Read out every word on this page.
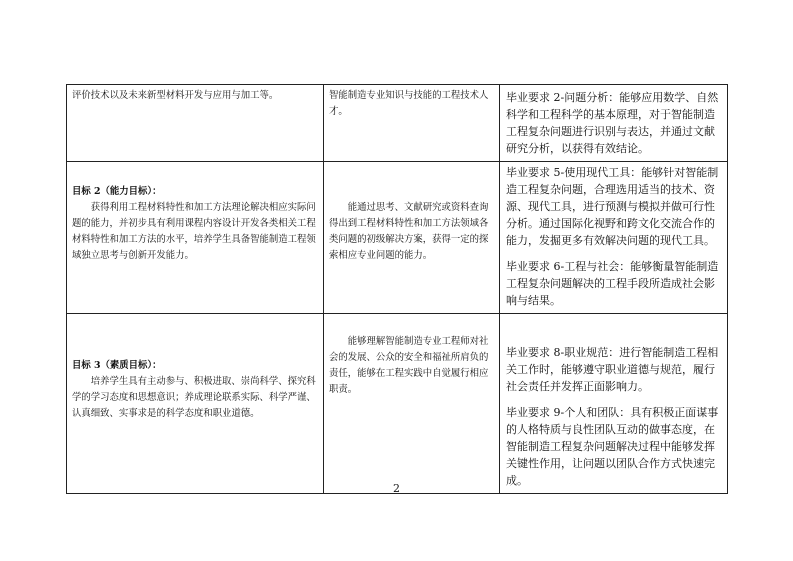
评价技术以及未来新型材料开发与应用与加工等。	智能制造专业知识与技能的工程技术人才。	毕业要求 2-问题分析：能够应用数学、自然科学和工程科学的基本原理，对于智能制造工程复杂问题进行识别与表达，并通过文献研究分析，以获得有效结论。

目标 2（能力目标）：
获得利用工程材料特性和加工方法理论解决相应实际问题的能力，并初步具有利用课程内容设计开发各类相关工程材料特性和加工方法的水平，培养学生具备智能制造工程领域独立思考与创新开发能力。	能通过思考、文献研究或资料查询得出到工程材料特性和加工方法领域各类问题的初级解决方案，获得一定的探索相应专业问题的能力。	毕业要求 5-使用现代工具：能够针对智能制造工程复杂问题，合理选用适当的技术、资源、现代工具，进行预测与模拟并做可行性分析。通过国际化视野和跨文化交流合作的能力，发掘更多有效解决问题的现代工具。
毕业要求 6-工程与社会：能够衡量智能制造工程复杂问题解决的工程手段所造成社会影响与结果。

目标 3（素质目标）：
培养学生具有主动参与、积极进取、崇尚科学、探究科学的学习态度和思想意识；养成理论联系实际、科学严谨、认真细致、实事求是的科学态度和职业道德。	能够理解智能制造专业工程师对社会的发展、公众的安全和福祉所肩负的责任，能够在工程实践中自觉履行相应职责。	毕业要求 8-职业规范：进行智能制造工程相关工作时，能够遵守职业道德与规范，履行社会责任并发挥正面影响力。
毕业要求 9-个人和团队：具有积极正面谋事的人格特质与良性团队互动的做事态度，在智能制造工程复杂问题解决过程中能够发挥关键性作用，让问题以团队合作方式快速完成。
2
